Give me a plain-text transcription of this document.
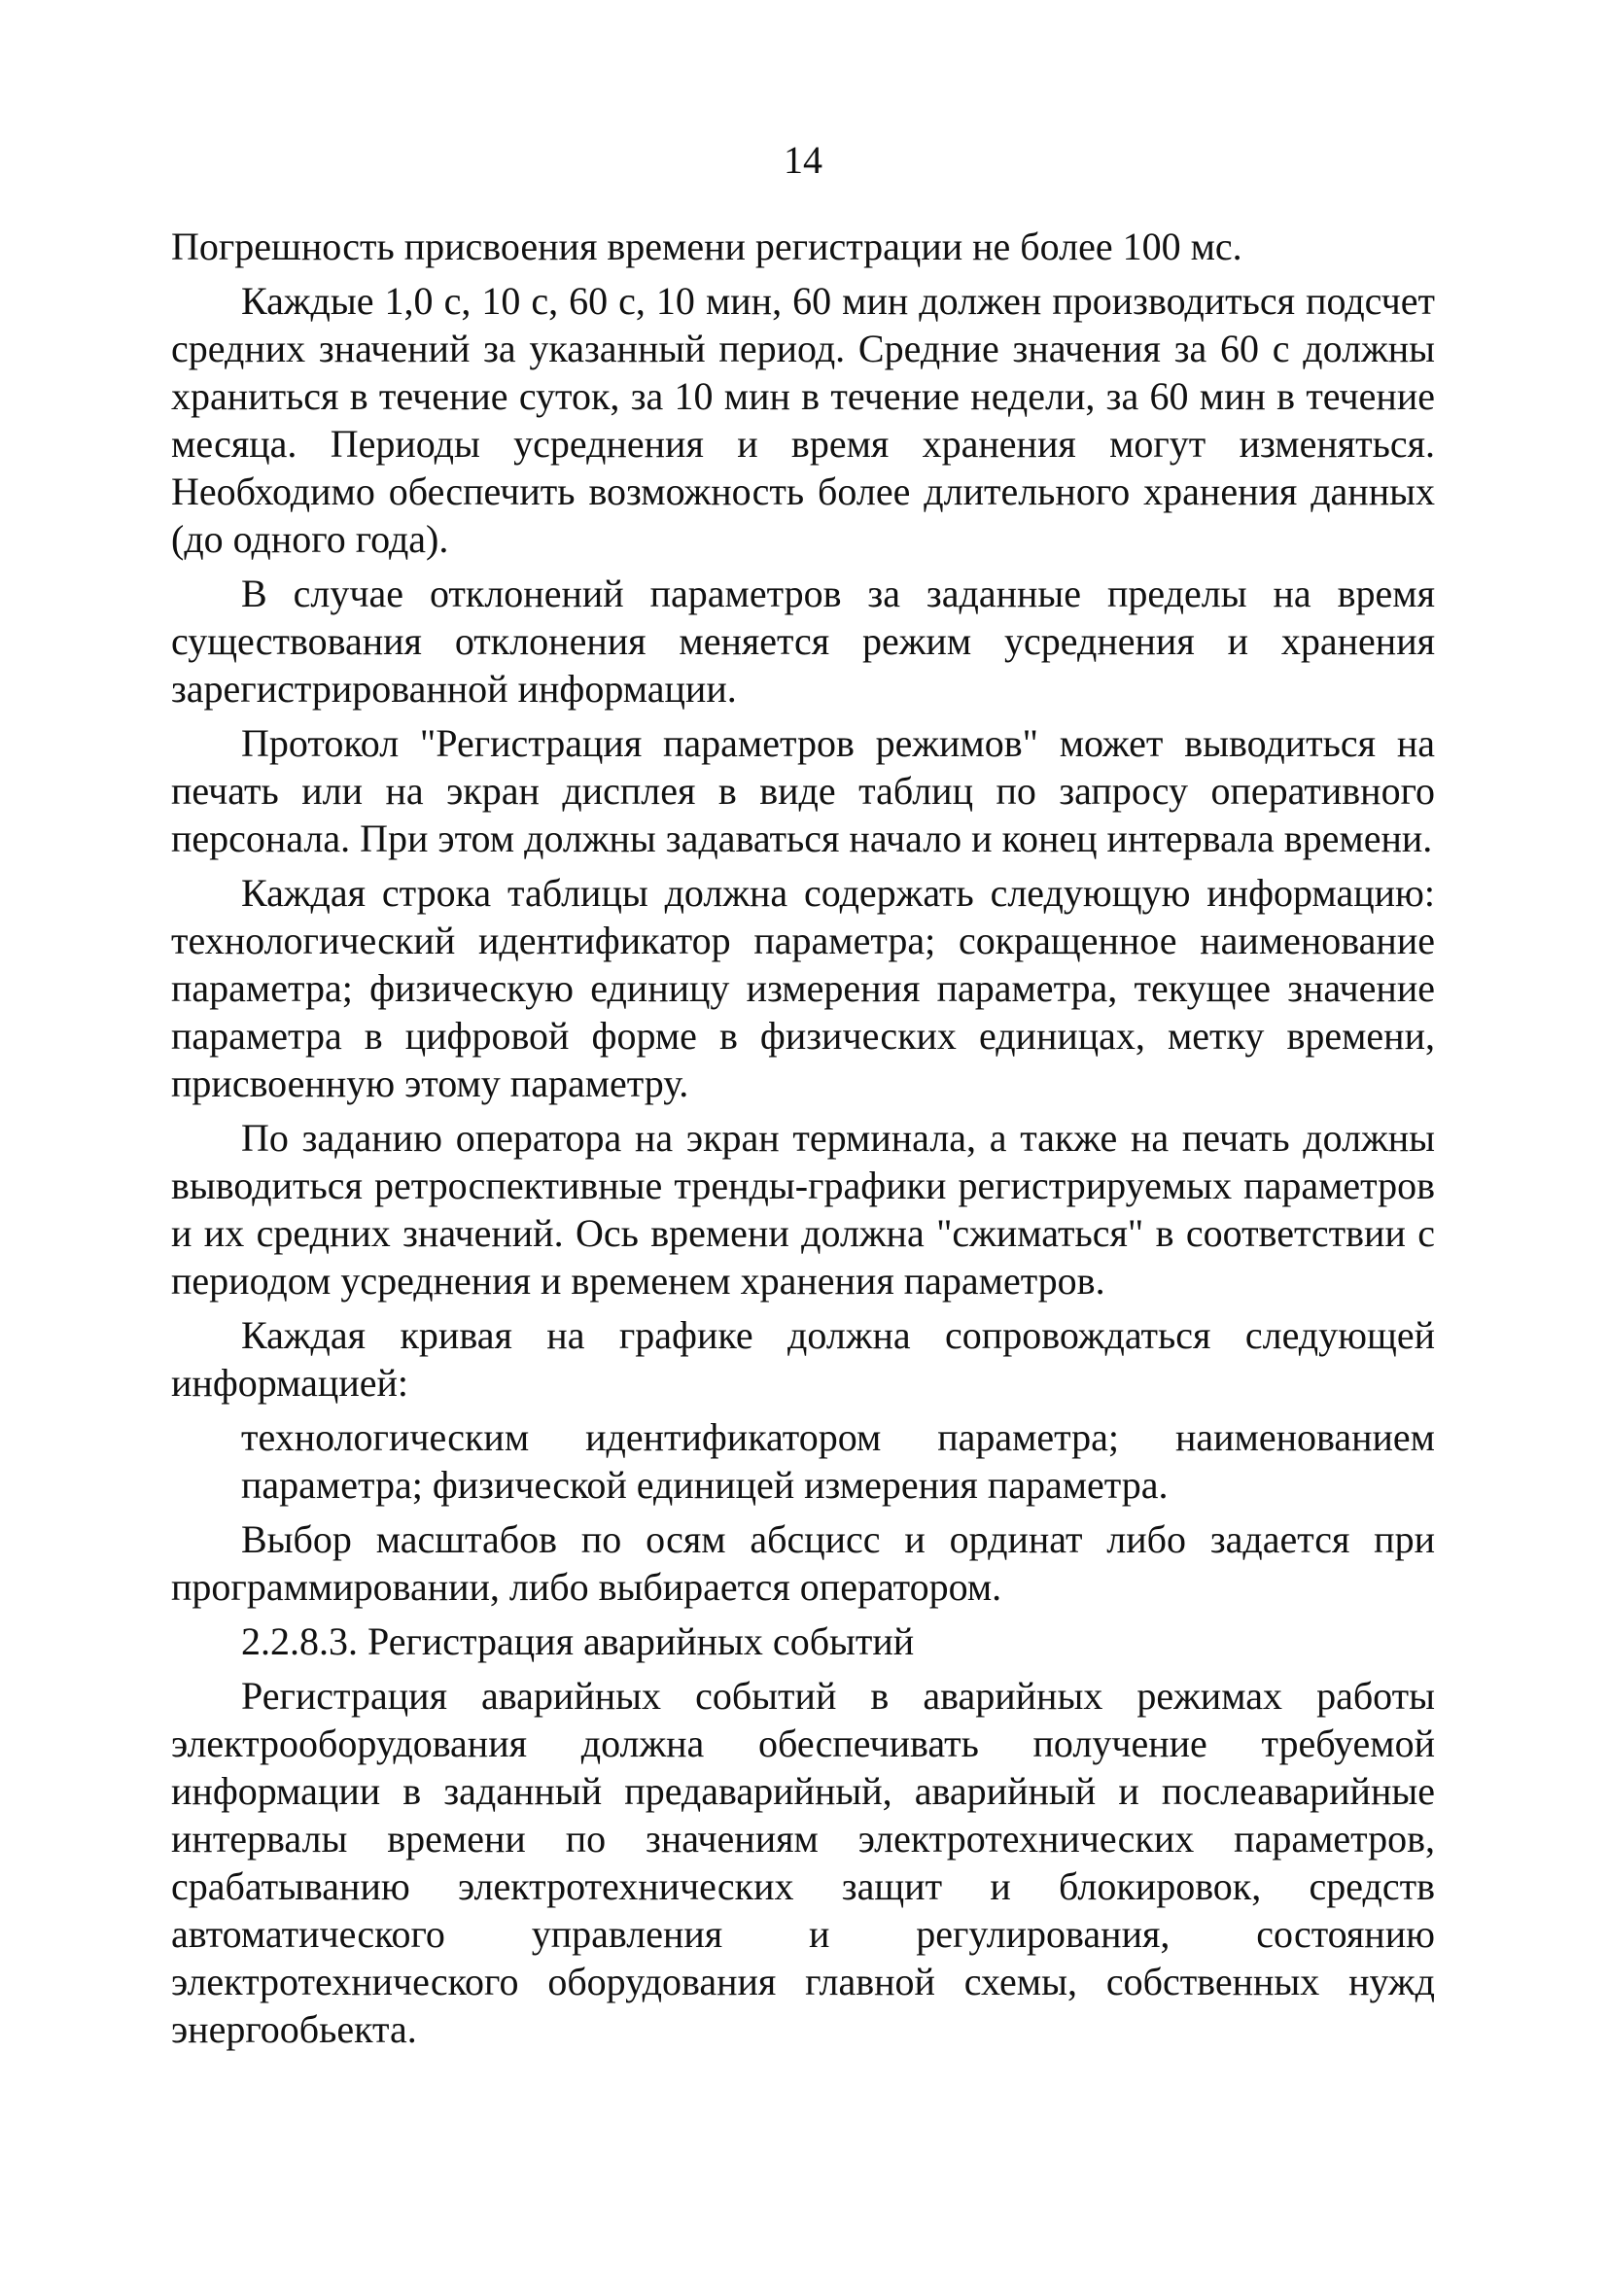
14

Погрешность присвоения времени регистрации не более 100 мс.

Каждые 1,0 с, 10 с, 60 с, 10 мин, 60 мин должен производиться подсчет средних значений за указанный период. Средние значения за 60 с должны храниться в течение суток, за 10 мин в течение недели, за 60 мин в течение месяца. Периоды усреднения и время хранения могут изменяться. Необходимо обеспечить возможность более длительного хранения данных (до одного года).

В случае отклонений параметров за заданные пределы на время существования отклонения меняется режим усреднения и хранения зарегистрированной информации.

Протокол "Регистрация параметров режимов" может выводиться на печать или на экран дисплея в виде таблиц по запросу оперативного персонала. При этом должны задаваться начало и конец интервала времени.

Каждая строка таблицы должна содержать следующую информацию: технологический идентификатор параметра; сокращенное наименование параметра; физическую единицу измерения параметра, текущее значение параметра в цифровой форме в физических единицах, метку времени, присвоенную этому параметру.

По заданию оператора на экран терминала, а также на печать должны выводиться ретроспективные тренды-графики регистрируемых параметров и их средних значений. Ось времени должна "сжиматься" в соответствии с периодом усреднения и временем хранения параметров.

Каждая кривая на графике должна сопровождаться следующей информацией:

технологическим идентификатором параметра; наименованием параметра; физической единицей измерения параметра.

Выбор масштабов по осям абсцисс и ординат либо задается при программировании, либо выбирается оператором.

2.2.8.3. Регистрация аварийных событий

Регистрация аварийных событий в аварийных режимах работы электрооборудования должна обеспечивать получение требуемой информации в заданный предаварийный, аварийный и послеаварийные интервалы времени по значениям электротехнических параметров, срабатыванию электротехнических защит и блокировок, средств автоматического управления и регулирования, состоянию электротехнического оборудования главной схемы, собственных нужд энергообьекта.
